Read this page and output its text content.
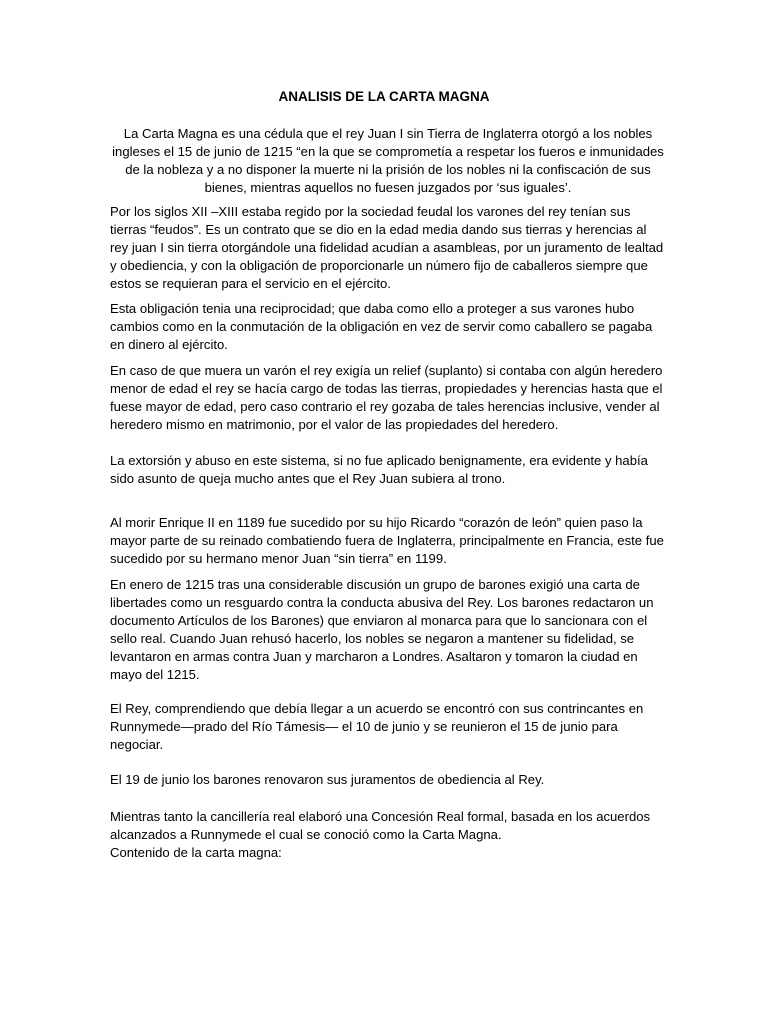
ANALISIS DE LA CARTA MAGNA

La Carta Magna es una cédula que el rey Juan I sin Tierra de Inglaterra otorgó a los nobles ingleses el 15 de junio de 1215 “en la que se comprometía a respetar los fueros e inmunidades de la nobleza y a no disponer la muerte ni la prisión de los nobles ni la confiscación de sus bienes, mientras aquellos no fuesen juzgados por ‘sus iguales’.

Por los siglos XII –XIII estaba regido por la sociedad feudal los varones del rey tenían sus tierras “feudos”. Es un contrato que se dio en la edad media dando sus tierras y herencias al rey juan I sin tierra otorgándole una fidelidad acudían a asambleas, por un juramento de lealtad y obediencia, y con la obligación de proporcionarle un número fijo de caballeros siempre que estos se requieran para el servicio en el ejército.

Esta obligación tenia una reciprocidad; que daba como ello a proteger a sus varones hubo cambios como en la conmutación de la obligación en vez de servir como caballero se pagaba en dinero al ejército.

En caso de que muera un varón el rey exigía un relief (suplanto) si contaba con algún heredero menor de edad el rey se hacía cargo de todas las tierras, propiedades y herencias hasta que el fuese mayor de edad, pero caso contrario el rey gozaba de tales herencias inclusive, vender al heredero mismo en matrimonio, por el valor de las propiedades del heredero.

La extorsión y abuso en este sistema, si no fue aplicado benignamente, era evidente y había sido asunto de queja mucho antes que el Rey Juan subiera al trono.

Al morir Enrique II en 1189 fue sucedido por su hijo Ricardo “corazón de león” quien paso la mayor parte de su reinado combatiendo fuera de Inglaterra, principalmente en Francia, este fue sucedido por su hermano menor Juan “sin tierra” en 1199.

En enero de 1215 tras una considerable discusión un grupo de barones exigió una carta de libertades como un resguardo contra la conducta abusiva del Rey. Los barones redactaron un documento Artículos de los Barones) que enviaron al monarca para que lo sancionara con el sello real. Cuando Juan rehusó hacerlo, los nobles se negaron a mantener su fidelidad, se levantaron en armas contra Juan y marcharon a Londres. Asaltaron y tomaron la ciudad en mayo del 1215.

El Rey, comprendiendo que debía llegar a un acuerdo se encontró con sus contrincantes en Runnymede—prado del Río Támesis— el 10 de junio y se reunieron el 15 de junio para negociar.

El 19 de junio los barones renovaron sus juramentos de obediencia al Rey.

Mientras tanto la cancillería real elaboró una Concesión Real formal, basada en los acuerdos alcanzados a Runnymede el cual se conoció como la Carta Magna.

Contenido de la carta magna:
